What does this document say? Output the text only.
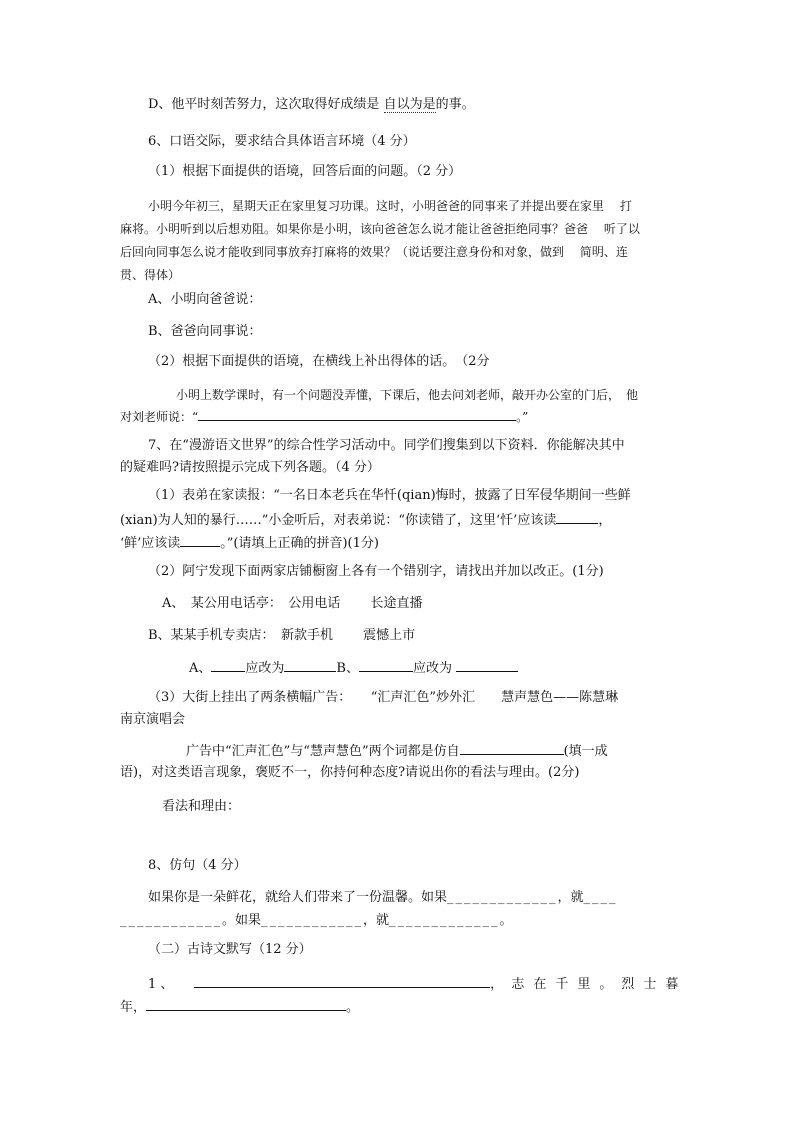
D、他平时刻苦努力，这次取得好成绩是 自以为是的事。
6、口语交际，要求结合具体语言环境（4 分）
（1）根据下面提供的语境，回答后面的问题。（2 分）
小明今年初三，星期天正在家里复习功课。这时，小明爸爸的同事来了并提出要在家里　 打
麻将。小明听到以后想劝阻。如果你是小明，该向爸爸怎么说才能让爸爸拒绝同事？爸爸　 听了以
后回向同事怎么说才能收到同事放弃打麻将的效果？（说话要注意身份和对象，做到　 简明、连
贯、得体）
A、小明向爸爸说：
B、爸爸向同事说：
（2）根据下面提供的语境，在横线上补出得体的话。　（2分
小明上数学课时，有一个问题没弄懂，下课后，他去问刘老师，敲开办公室的门后，　他
对刘老师说：“	。”
7、在“漫游语文世界”的综合性学习活动中。同学们搜集到以下资料．你能解决其中
的疑难吗?请按照提示完成下列各题。（4 分）
（1）表弟在家读报：“一名日本老兵在华忏(qian)悔时，披露了日军侵华期间一些鲜
(xian)为人知的暴行……”小金听后，对表弟说：“你读错了，这里‘忏’应该读	，
‘鲜’应该读	。”(请填上正确的拼音)(1分)
（2）阿宁发现下面两家店铺橱窗上各有一个错别字，请找出并加以改正。(1分)
A、　某公用电话亭：　公用电话　　 长途直播
B、某某手机专卖店：　新款手机　　 震憾上市
A、	应改为	B、	应改为
（3）大街上挂出了两条横幅广告：　　“汇声汇色”炒外汇　　慧声慧色——陈慧琳
南京演唱会
广告中“汇声汇色”与“慧声慧色”两个词都是仿自	(填一成
语)，对这类语言现象，褒贬不一，你持何种态度?请说出你的看法与理由。(2分)
看法和理由：
8、仿句（4 分）
如果你是一朵鲜花，就给人们带来了一份温馨。如果_____________，就____
____________。如果____________，就_____________。
（二）古诗文默写（12 分）
1 、	， 志在千里。烈士暮
年，	。
